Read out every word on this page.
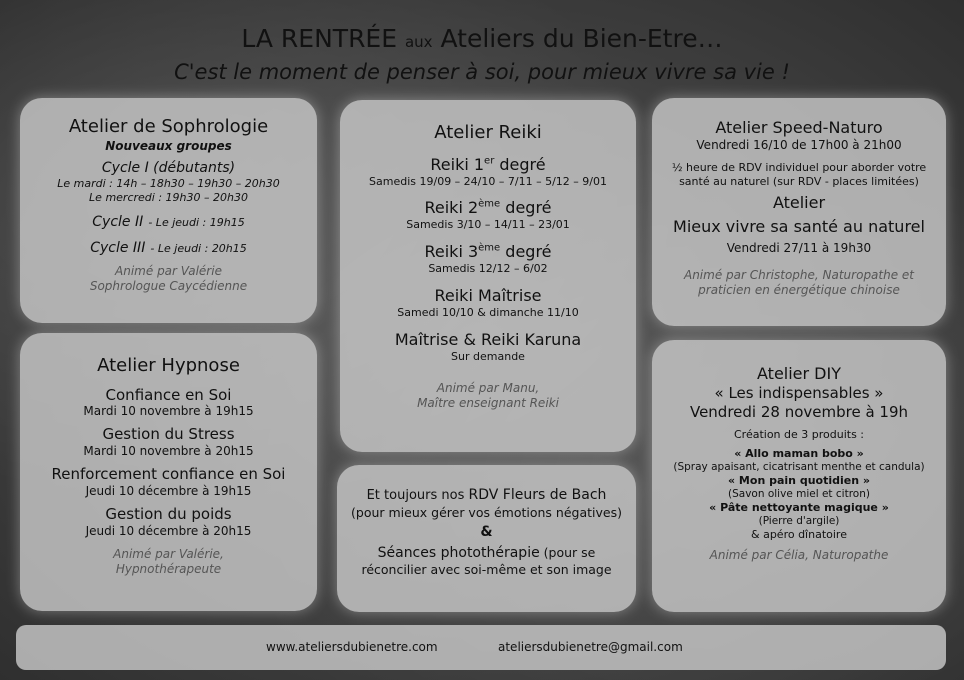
LA RENTRÉE aux Ateliers du Bien-Etre…
C'est le moment de penser à soi, pour mieux vivre sa vie !
Atelier de Sophrologie
Nouveaux groupes
Cycle I (débutants)
Le mardi : 14h – 18h30 – 19h30 – 20h30
Le mercredi : 19h30 – 20h30
Cycle II - Le jeudi : 19h15
Cycle III - Le jeudi : 20h15
Animé par Valérie
Sophrologue Caycédienne
Atelier Hypnose
Confiance en Soi
Mardi 10 novembre à 19h15
Gestion du Stress
Mardi 10 novembre à 20h15
Renforcement confiance en Soi
Jeudi 10 décembre à 19h15
Gestion du poids
Jeudi 10 décembre à 20h15
Animé par Valérie,
Hypnothérapeute
Atelier Reiki
Reiki 1er degré
Samedis 19/09 – 24/10 – 7/11 – 5/12 – 9/01
Reiki 2ème degré
Samedis 3/10 – 14/11 – 23/01
Reiki 3ème degré
Samedis 12/12 – 6/02
Reiki Maîtrise
Samedi 10/10 & dimanche 11/10
Maîtrise & Reiki Karuna
Sur demande
Animé par Manu,
Maître enseignant Reiki
Et toujours nos RDV Fleurs de Bach
(pour mieux gérer vos émotions négatives)
&
Séances photothérapie (pour se
réconcilier avec soi-même et son image
Atelier Speed-Naturo
Vendredi 16/10 de 17h00 à 21h00
½ heure de RDV individuel pour aborder votre
santé au naturel (sur RDV - places limitées)
Atelier
Mieux vivre sa santé au naturel
Vendredi 27/11 à 19h30
Animé par Christophe, Naturopathe et
praticien en énergétique chinoise
Atelier DIY
« Les indispensables »
Vendredi 28 novembre à 19h
Création de 3 produits :
« Allo maman bobo »
(Spray apaisant, cicatrisant menthe et candula)
« Mon pain quotidien »
(Savon olive miel et citron)
« Pâte nettoyante magique »
(Pierre d'argile)
& apéro dînatoire
Animé par Célia, Naturopathe
www.ateliersdubienetre.com	ateliersdubienetre@gmail.com
